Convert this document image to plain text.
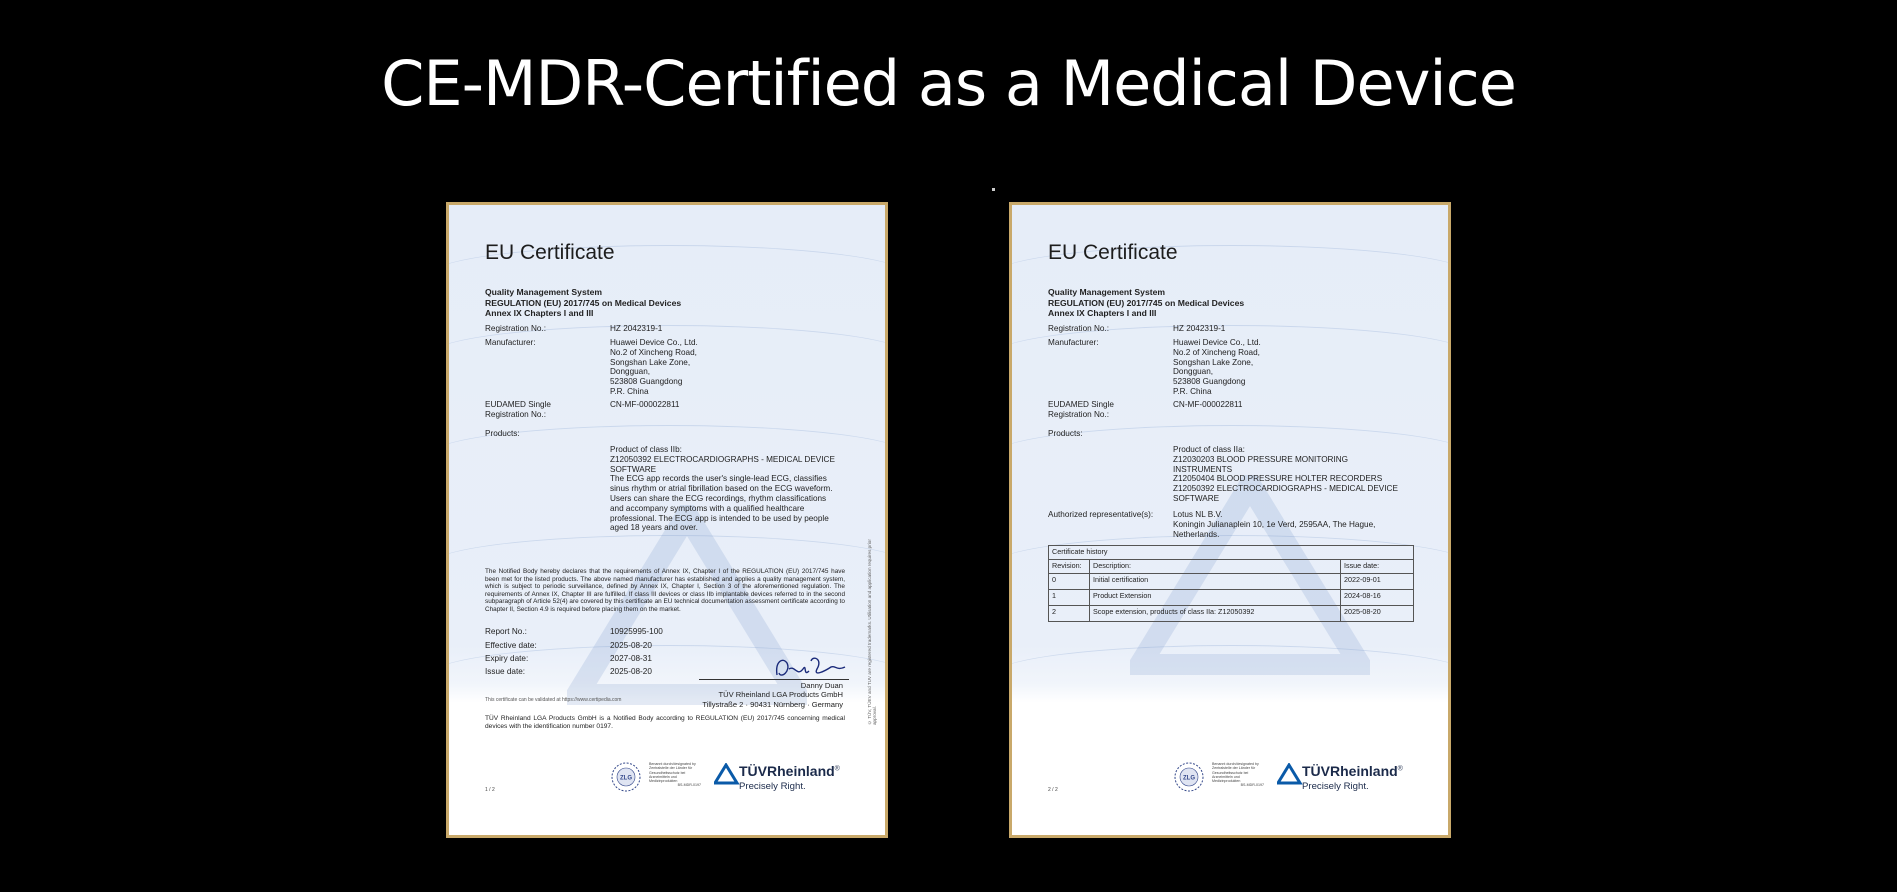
CE-MDR-Certified as a Medical Device
EU Certificate
Quality Management System
REGULATION (EU) 2017/745 on Medical Devices
Annex IX Chapters I and III
Registration No.:	HZ 2042319-1
Manufacturer:	Huawei Device Co., Ltd.
No.2 of Xincheng Road,
Songshan Lake Zone,
Dongguan,
523808 Guangdong
P.R. China
EUDAMED Single
Registration No.:
CN-MF-000022811
Products:
Product of class IIb:
Z12050392 ELECTROCARDIOGRAPHS - MEDICAL DEVICE
SOFTWARE
The ECG app records the user's single-lead ECG, classifies
sinus rhythm or atrial fibrillation based on the ECG waveform.
Users can share the ECG recordings, rhythm classifications
and accompany symptoms with a qualified healthcare
professional. The ECG app is intended to be used by people
aged 18 years and over.
The Notified Body hereby declares that the requirements of Annex IX, Chapter I of the REGULATION (EU) 2017/745 have been met for the listed products. The above named manufacturer has established and applies a quality management system, which is subject to periodic surveillance, defined by Annex IX, Chapter I, Section 3 of the aforementioned regulation. The requirements of Annex IX, Chapter III are fulfilled. If class III devices or class IIb implantable devices referred to in the second subparagraph of Article 52(4) are covered by this certificate an EU technical documentation assessment certificate according to Chapter II, Section 4.9 is required before placing them on the market.
Report No.:	10925995-100
Effective date:	2025-08-20
Expiry date:	2027-08-31
Issue date:	2025-08-20
Danny Duan
TÜV Rheinland LGA Products GmbH
Tillystraße 2 · 90431 Nürnberg · Germany
This certificate can be validated at https://www.certipedia.com
TÜV Rheinland LGA Products GmbH is a Notified Body according to REGULATION (EU) 2017/745 concerning medical devices with the identification number 0197.
© TÜV, TÜEV and TUV are registered trademarks. Utilisation and application requires prior approval.
ZLG
Benannt durch/designated by Zentralstelle der Länder für Gesundheitsschutz bei Arzneimitteln und Medizinprodukten
BS-MDR-0197
TÜVRheinland®
Precisely Right.
1 / 2
EU Certificate
Quality Management System
REGULATION (EU) 2017/745 on Medical Devices
Annex IX Chapters I and III
Registration No.:	HZ 2042319-1
Manufacturer:	Huawei Device Co., Ltd.
No.2 of Xincheng Road,
Songshan Lake Zone,
Dongguan,
523808 Guangdong
P.R. China
EUDAMED Single
Registration No.:
CN-MF-000022811
Products:
Product of class IIa:
Z12030203 BLOOD PRESSURE MONITORING
INSTRUMENTS
Z12050404 BLOOD PRESSURE HOLTER RECORDERS
Z12050392 ELECTROCARDIOGRAPHS - MEDICAL DEVICE
SOFTWARE
Authorized representative(s):	Lotus NL B.V.
Koningin Julianaplein 10, 1e Verd, 2595AA, The Hague,
Netherlands.
Certificate history		
Revision:	Description:	Issue date:
0	Initial certification	2022-09-01
1	Product Extension	2024-08-16
2	Scope extension, products of class IIa: Z12050392	2025-08-20
ZLG
Benannt durch/designated by Zentralstelle der Länder für Gesundheitsschutz bei Arzneimitteln und Medizinprodukten
BS-MDR-0197
TÜVRheinland®
Precisely Right.
2 / 2
